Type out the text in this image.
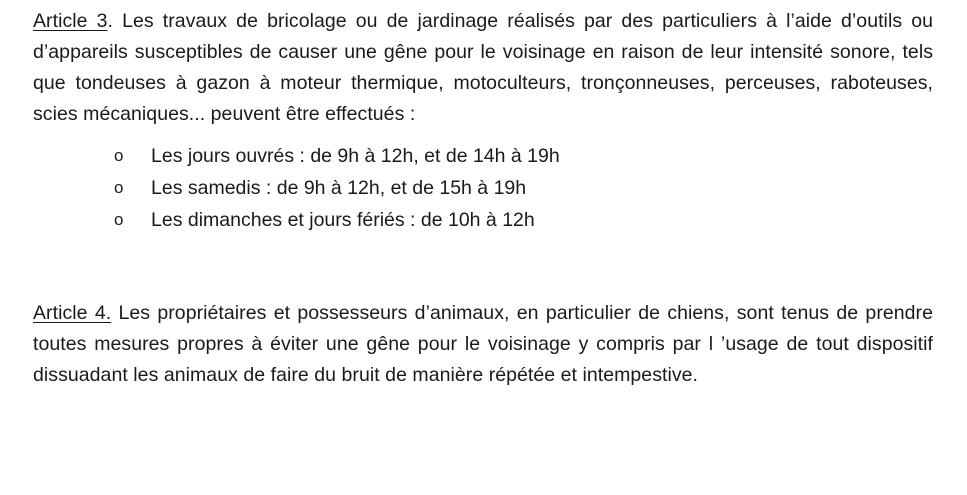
Article 3. Les travaux de bricolage ou de jardinage réalisés par des particuliers à l’aide d’outils ou d’appareils susceptibles de causer une gêne pour le voisinage en raison de leur intensité sonore, tels que tondeuses à gazon à moteur thermique, motoculteurs, tronçonneuses, perceuses, raboteuses, scies mécaniques... peuvent être effectués :

o Les jours ouvrés : de 9h à 12h, et de 14h à 19h
o Les samedis : de 9h à 12h, et de 15h à 19h
o Les dimanches et jours fériés : de 10h à 12h

Article 4. Les propriétaires et possesseurs d’animaux, en particulier de chiens, sont tenus de prendre toutes mesures propres à éviter une gêne pour le voisinage y compris par l ’usage de tout dispositif dissuadant les animaux de faire du bruit de manière répétée et intempestive.
